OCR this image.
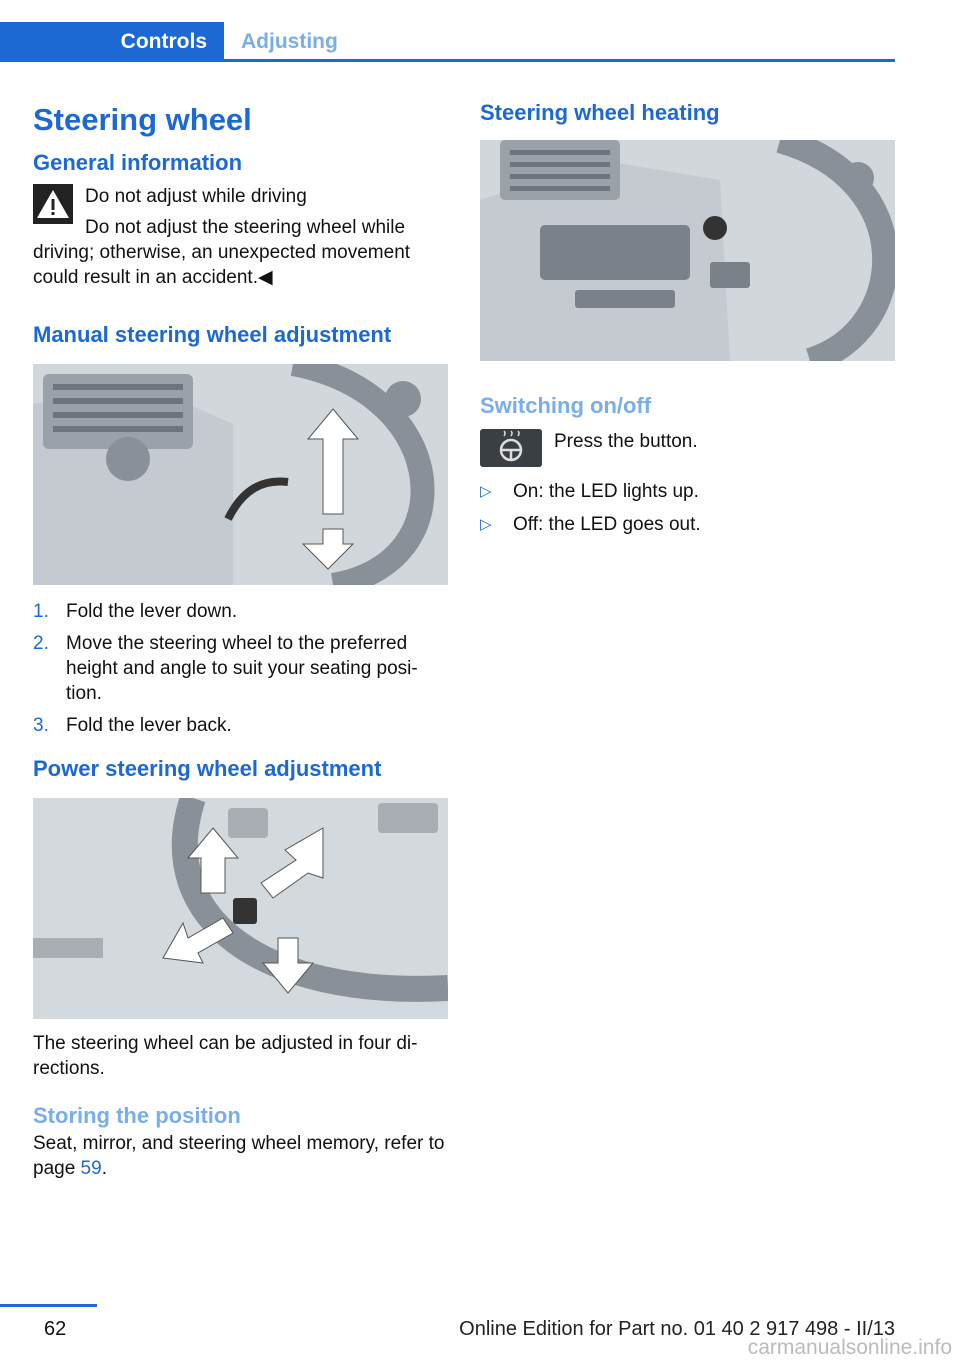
Controls	Adjusting
Steering wheel
General information

Do not adjust while driving

Do not adjust the steering wheel while

driving; otherwise, an unexpected movement could result in an accident.◀

Manual steering wheel adjustment
1. Fold the lever down.
2. Move the steering wheel to the preferred height and angle to suit your seating posi‐tion.
3. Fold the lever back.
Power steering wheel adjustment

The steering wheel can be adjusted in four di‐rections.

Storing the position

Seat, mirror, and steering wheel memory, refer to page 59.

Steering wheel heating
Switching on/off

Press the button.

▷	On: the LED lights up.
▷	Off: the LED goes out.
62	Online Edition for Part no. 01 40 2 917 498 - II/13
carmanualsonline.info
